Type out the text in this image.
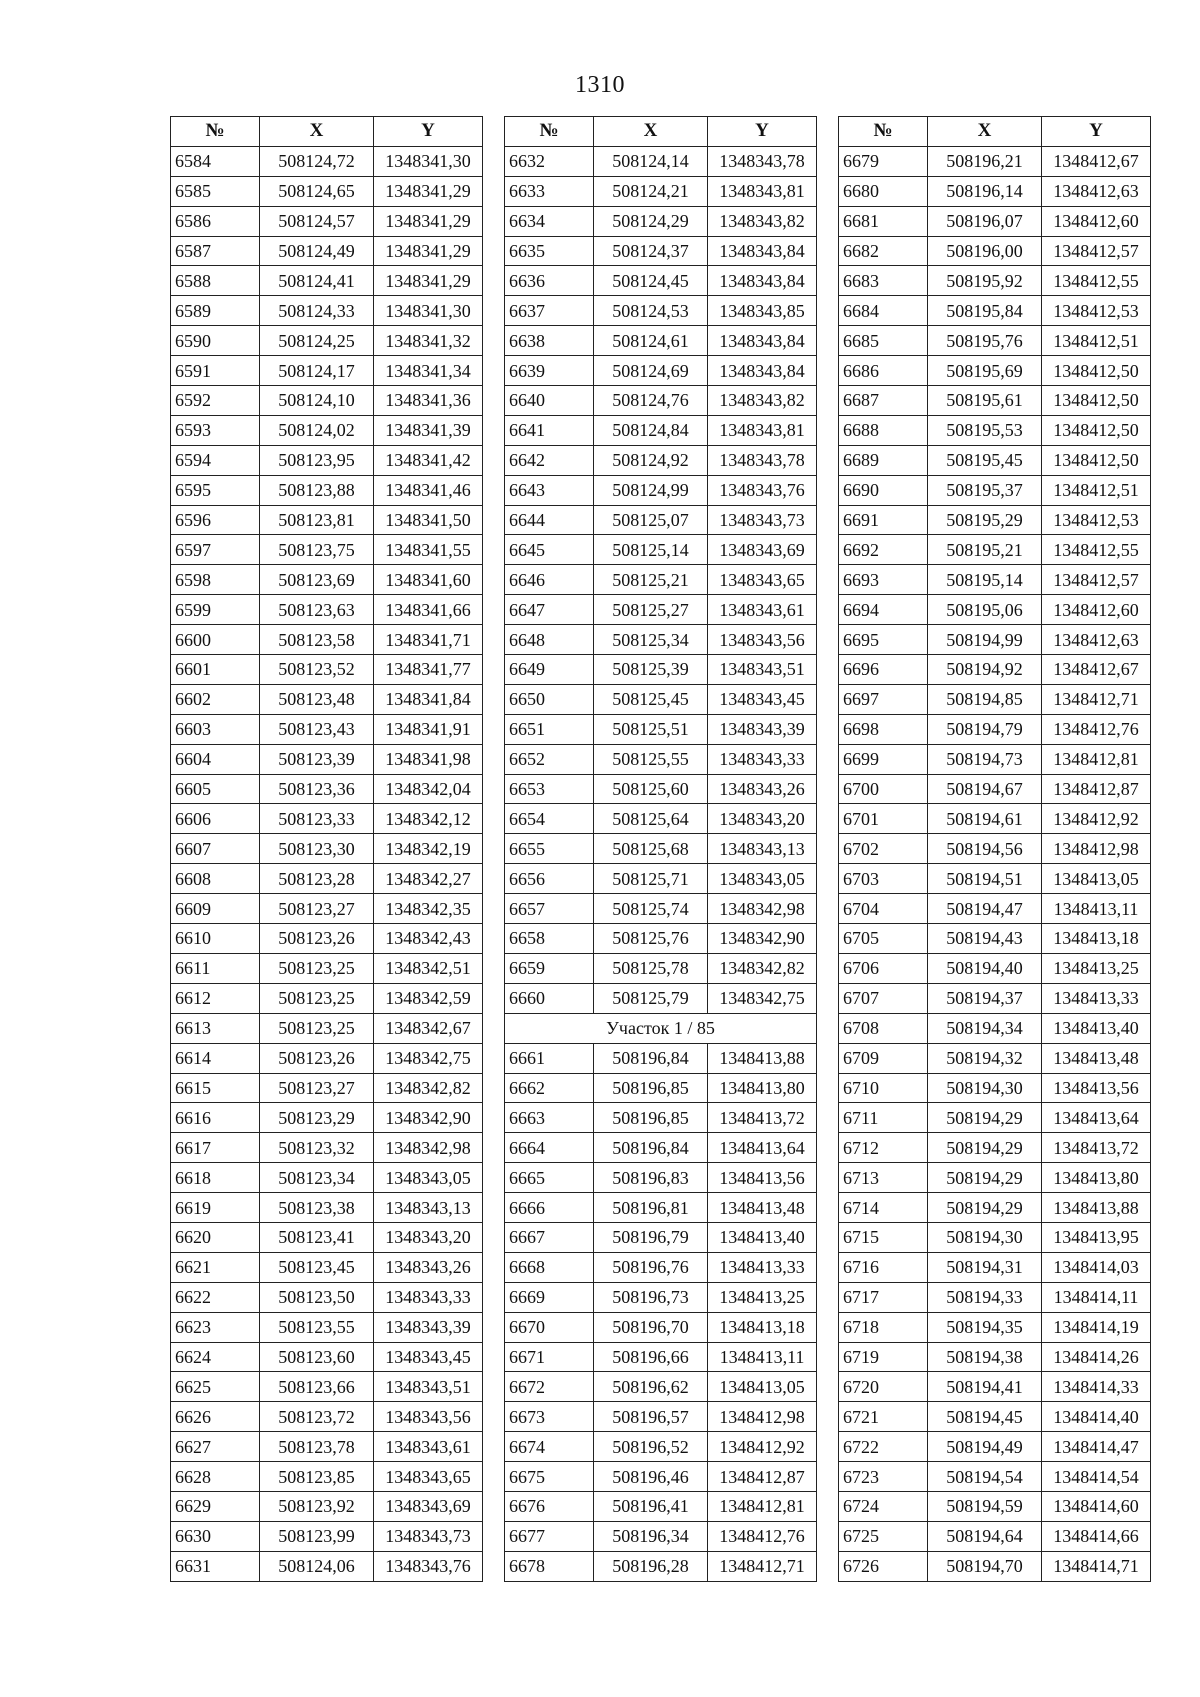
1310
№	X	Y
6584	508124,72	1348341,30
6585	508124,65	1348341,29
6586	508124,57	1348341,29
6587	508124,49	1348341,29
6588	508124,41	1348341,29
6589	508124,33	1348341,30
6590	508124,25	1348341,32
6591	508124,17	1348341,34
6592	508124,10	1348341,36
6593	508124,02	1348341,39
6594	508123,95	1348341,42
6595	508123,88	1348341,46
6596	508123,81	1348341,50
6597	508123,75	1348341,55
6598	508123,69	1348341,60
6599	508123,63	1348341,66
6600	508123,58	1348341,71
6601	508123,52	1348341,77
6602	508123,48	1348341,84
6603	508123,43	1348341,91
6604	508123,39	1348341,98
6605	508123,36	1348342,04
6606	508123,33	1348342,12
6607	508123,30	1348342,19
6608	508123,28	1348342,27
6609	508123,27	1348342,35
6610	508123,26	1348342,43
6611	508123,25	1348342,51
6612	508123,25	1348342,59
6613	508123,25	1348342,67
6614	508123,26	1348342,75
6615	508123,27	1348342,82
6616	508123,29	1348342,90
6617	508123,32	1348342,98
6618	508123,34	1348343,05
6619	508123,38	1348343,13
6620	508123,41	1348343,20
6621	508123,45	1348343,26
6622	508123,50	1348343,33
6623	508123,55	1348343,39
6624	508123,60	1348343,45
6625	508123,66	1348343,51
6626	508123,72	1348343,56
6627	508123,78	1348343,61
6628	508123,85	1348343,65
6629	508123,92	1348343,69
6630	508123,99	1348343,73
6631	508124,06	1348343,76
№	X	Y
6632	508124,14	1348343,78
6633	508124,21	1348343,81
6634	508124,29	1348343,82
6635	508124,37	1348343,84
6636	508124,45	1348343,84
6637	508124,53	1348343,85
6638	508124,61	1348343,84
6639	508124,69	1348343,84
6640	508124,76	1348343,82
6641	508124,84	1348343,81
6642	508124,92	1348343,78
6643	508124,99	1348343,76
6644	508125,07	1348343,73
6645	508125,14	1348343,69
6646	508125,21	1348343,65
6647	508125,27	1348343,61
6648	508125,34	1348343,56
6649	508125,39	1348343,51
6650	508125,45	1348343,45
6651	508125,51	1348343,39
6652	508125,55	1348343,33
6653	508125,60	1348343,26
6654	508125,64	1348343,20
6655	508125,68	1348343,13
6656	508125,71	1348343,05
6657	508125,74	1348342,98
6658	508125,76	1348342,90
6659	508125,78	1348342,82
6660	508125,79	1348342,75
Участок 1 / 85		
6661	508196,84	1348413,88
6662	508196,85	1348413,80
6663	508196,85	1348413,72
6664	508196,84	1348413,64
6665	508196,83	1348413,56
6666	508196,81	1348413,48
6667	508196,79	1348413,40
6668	508196,76	1348413,33
6669	508196,73	1348413,25
6670	508196,70	1348413,18
6671	508196,66	1348413,11
6672	508196,62	1348413,05
6673	508196,57	1348412,98
6674	508196,52	1348412,92
6675	508196,46	1348412,87
6676	508196,41	1348412,81
6677	508196,34	1348412,76
6678	508196,28	1348412,71
№	X	Y
6679	508196,21	1348412,67
6680	508196,14	1348412,63
6681	508196,07	1348412,60
6682	508196,00	1348412,57
6683	508195,92	1348412,55
6684	508195,84	1348412,53
6685	508195,76	1348412,51
6686	508195,69	1348412,50
6687	508195,61	1348412,50
6688	508195,53	1348412,50
6689	508195,45	1348412,50
6690	508195,37	1348412,51
6691	508195,29	1348412,53
6692	508195,21	1348412,55
6693	508195,14	1348412,57
6694	508195,06	1348412,60
6695	508194,99	1348412,63
6696	508194,92	1348412,67
6697	508194,85	1348412,71
6698	508194,79	1348412,76
6699	508194,73	1348412,81
6700	508194,67	1348412,87
6701	508194,61	1348412,92
6702	508194,56	1348412,98
6703	508194,51	1348413,05
6704	508194,47	1348413,11
6705	508194,43	1348413,18
6706	508194,40	1348413,25
6707	508194,37	1348413,33
6708	508194,34	1348413,40
6709	508194,32	1348413,48
6710	508194,30	1348413,56
6711	508194,29	1348413,64
6712	508194,29	1348413,72
6713	508194,29	1348413,80
6714	508194,29	1348413,88
6715	508194,30	1348413,95
6716	508194,31	1348414,03
6717	508194,33	1348414,11
6718	508194,35	1348414,19
6719	508194,38	1348414,26
6720	508194,41	1348414,33
6721	508194,45	1348414,40
6722	508194,49	1348414,47
6723	508194,54	1348414,54
6724	508194,59	1348414,60
6725	508194,64	1348414,66
6726	508194,70	1348414,71
